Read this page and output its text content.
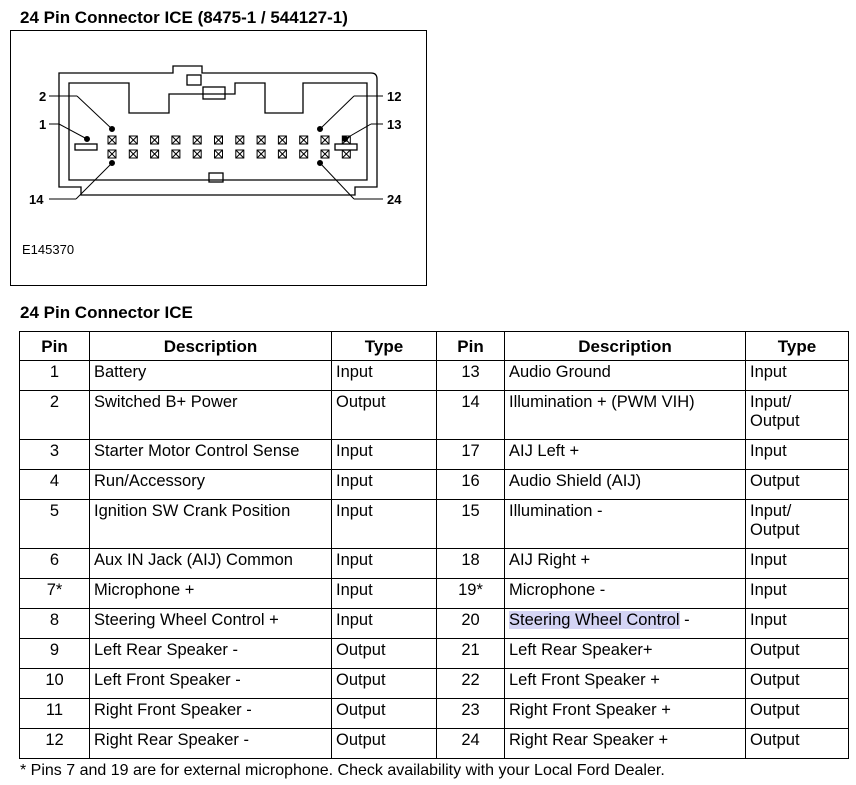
24 Pin Connector ICE (8475-1 / 544127-1)
2
1
12
13
14	24
E145370
24 Pin Connector ICE
Pin	Description	Type	Pin	Description	Type
1	Battery	Input	13	Audio Ground	Input
2	Switched B+ Power	Output	14	Illumination + (PWM VIH)	Input/ Output
3	Starter Motor Control Sense	Input	17	AIJ Left +	Input
4	Run/Accessory	Input	16	Audio Shield (AIJ)	Output
5	Ignition SW Crank Position	Input	15	Illumination -	Input/ Output
6	Aux IN Jack (AIJ) Common	Input	18	AIJ Right +	Input
7*	Microphone +	Input	19*	Microphone -	Input
8	Steering Wheel Control +	Input	20	Steering Wheel Control -	Input
9	Left Rear Speaker -	Output	21	Left Rear Speaker+	Output
10	Left Front Speaker -	Output	22	Left Front Speaker +	Output
11	Right Front Speaker -	Output	23	Right Front Speaker +	Output
12	Right Rear Speaker -	Output	24	Right Rear Speaker +	Output
* Pins 7 and 19 are for external microphone. Check availability with your Local Ford Dealer.
